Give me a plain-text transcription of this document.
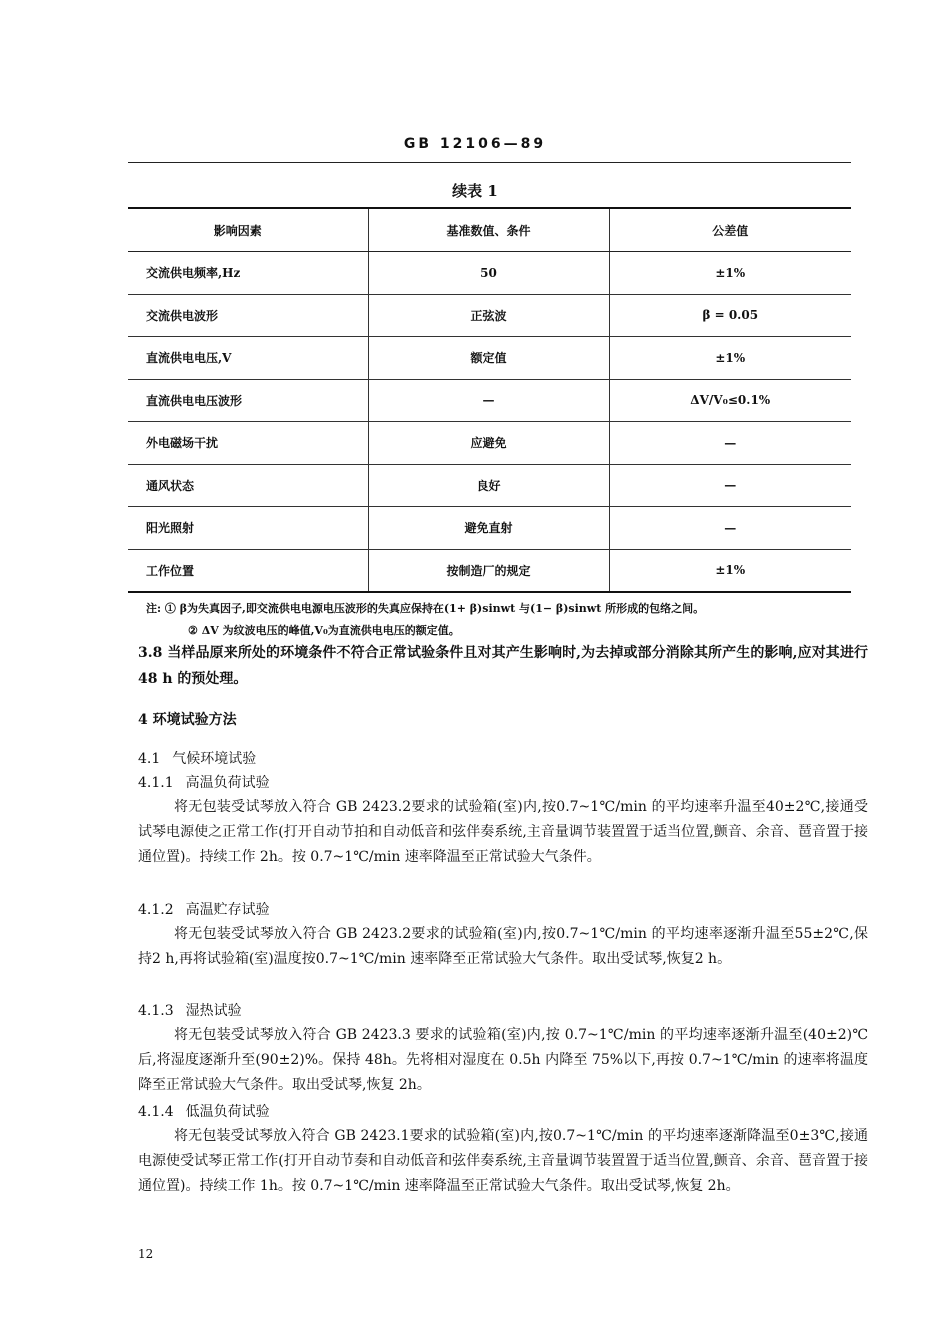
GB 12106—89
续表 1
影响因素	基准数值、条件	公差值
交流供电频率,Hz	50	±1%
交流供电波形	正弦波	β = 0.05
直流供电电压,V	额定值	±1%
直流供电电压波形	—	ΔV/V₀≤0.1%
外电磁场干扰	应避免	—
通风状态	良好	—
阳光照射	避免直射	—
工作位置	按制造厂的规定	±1%
注: ① β为失真因子,即交流供电电源电压波形的失真应保持在(1+ β)sinwt 与(1− β)sinwt 所形成的包络之间。
② ΔV 为纹波电压的峰值,V₀为直流供电电压的额定值。
3.8 当样品原来所处的环境条件不符合正常试验条件且对其产生影响时,为去掉或部分消除其所产生的影响,应对其进行48 h 的预处理。
4 环境试验方法
4.1 气候环境试验
4.1.1 高温负荷试验

将无包装受试琴放入符合 GB 2423.2要求的试验箱(室)内,按0.7~1℃/min 的平均速率升温至40±2℃,接通受试琴电源使之正常工作(打开自动节拍和自动低音和弦伴奏系统,主音量调节装置置于适当位置,颤音、余音、琶音置于接通位置)。持续工作 2h。按 0.7~1℃/min 速率降温至正常试验大气条件。

4.1.2 高温贮存试验

将无包装受试琴放入符合 GB 2423.2要求的试验箱(室)内,按0.7~1℃/min 的平均速率逐渐升温至55±2℃,保持2 h,再将试验箱(室)温度按0.7~1℃/min 速率降至正常试验大气条件。取出受试琴,恢复2 h。

4.1.3 湿热试验

将无包装受试琴放入符合 GB 2423.3 要求的试验箱(室)内,按 0.7~1℃/min 的平均速率逐渐升温至(40±2)℃后,将湿度逐渐升至(90±2)%。保持 48h。先将相对湿度在 0.5h 内降至 75%以下,再按 0.7~1℃/min 的速率将温度降至正常试验大气条件。取出受试琴,恢复 2h。

4.1.4 低温负荷试验

将无包装受试琴放入符合 GB 2423.1要求的试验箱(室)内,按0.7~1℃/min 的平均速率逐渐降温至0±3℃,接通电源使受试琴正常工作(打开自动节奏和自动低音和弦伴奏系统,主音量调节装置置于适当位置,颤音、余音、琶音置于接通位置)。持续工作 1h。按 0.7~1℃/min 速率降温至正常试验大气条件。取出受试琴,恢复 2h。

12
